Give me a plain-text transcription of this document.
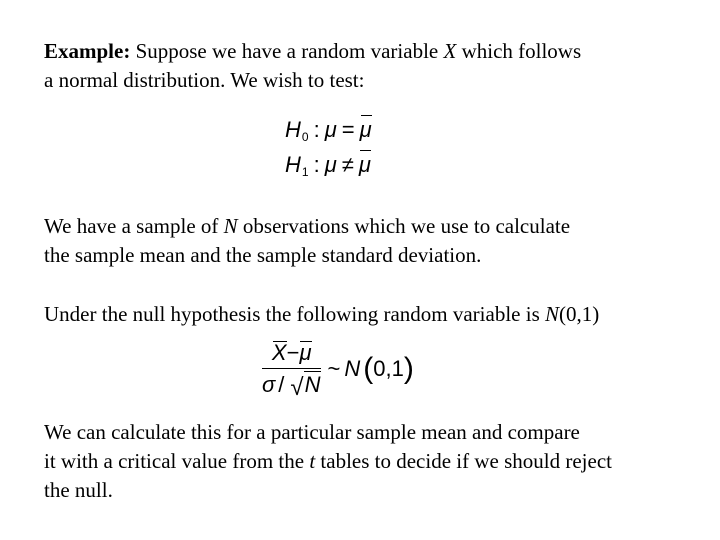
Example: Suppose we have a random variable X which follows
a normal distribution. We wish to test:

$H_0$ : μ = μ
$H_1$ : μ ≠ μ

We have a sample of N observations which we use to calculate
the sample mean and the sample standard deviation.

Under the null hypothesis the following random variable is N(0,1)

$\frac{X-\mu}{\sigma / √ N}$ ~ N ( 0,1 )

We can calculate this for a particular sample mean and compare
it with a critical value from the t tables to decide if we should reject
the null.
